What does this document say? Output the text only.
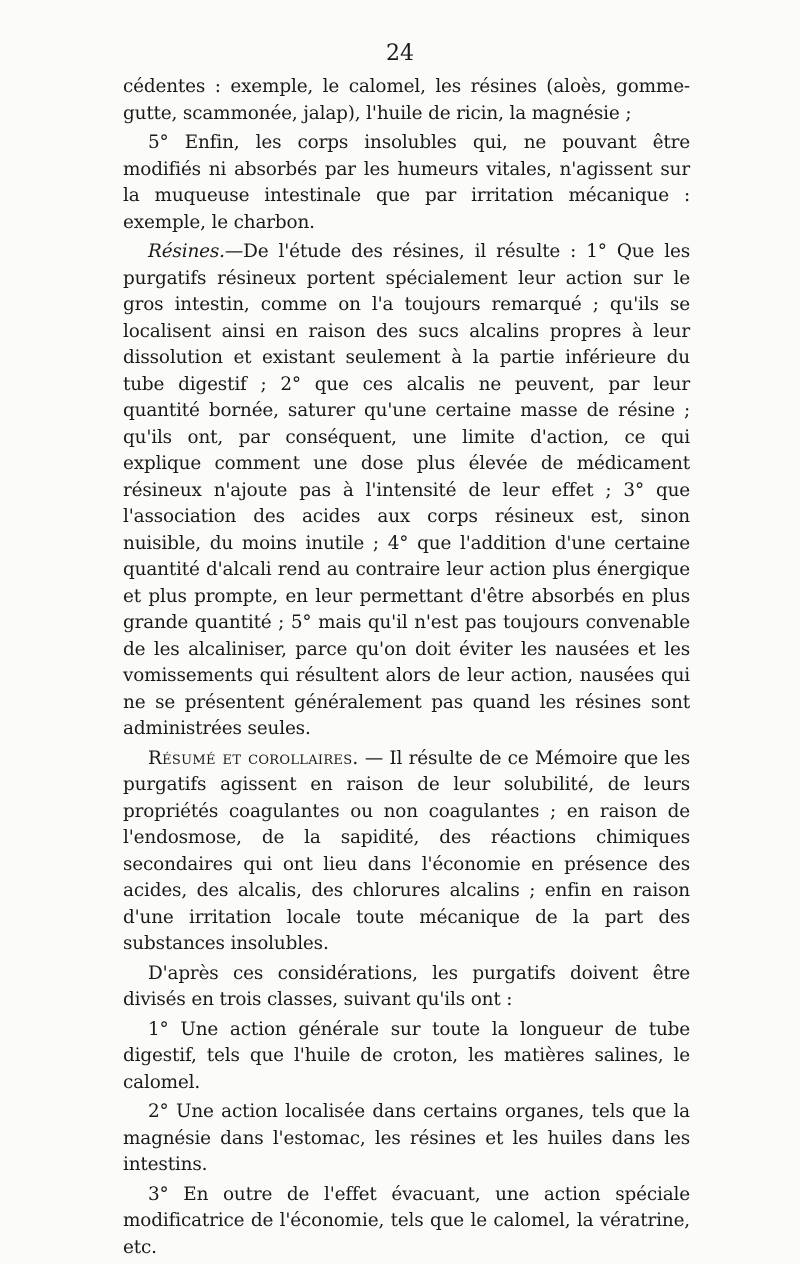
24

cédentes : exemple, le calomel, les résines (aloès, gomme-gutte, scammonée, jalap), l'huile de ricin, la magnésie ;

5° Enfin, les corps insolubles qui, ne pouvant être modifiés ni absorbés par les humeurs vitales, n'agissent sur la muqueuse intestinale que par irritation mécanique : exemple, le charbon.

Résines.—De l'étude des résines, il résulte : 1° Que les purgatifs résineux portent spécialement leur action sur le gros intestin, comme on l'a toujours remarqué ; qu'ils se localisent ainsi en raison des sucs alcalins propres à leur dissolution et existant seulement à la partie inférieure du tube digestif ; 2° que ces alcalis ne peuvent, par leur quantité bornée, saturer qu'une certaine masse de résine ; qu'ils ont, par conséquent, une limite d'action, ce qui explique comment une dose plus élevée de médicament résineux n'ajoute pas à l'intensité de leur effet ; 3° que l'association des acides aux corps résineux est, sinon nuisible, du moins inutile ; 4° que l'addition d'une certaine quantité d'alcali rend au contraire leur action plus énergique et plus prompte, en leur permettant d'être absorbés en plus grande quantité ; 5° mais qu'il n'est pas toujours convenable de les alcaliniser, parce qu'on doit éviter les nausées et les vomissements qui résultent alors de leur action, nausées qui ne se présentent généralement pas quand les résines sont administrées seules.

Résumé et corollaires. — Il résulte de ce Mémoire que les purgatifs agissent en raison de leur solubilité, de leurs propriétés coagulantes ou non coagulantes ; en raison de l'endosmose, de la sapidité, des réactions chimiques secondaires qui ont lieu dans l'économie en présence des acides, des alcalis, des chlorures alcalins ; enfin en raison d'une irritation locale toute mécanique de la part des substances insolubles.

D'après ces considérations, les purgatifs doivent être divisés en trois classes, suivant qu'ils ont :

1° Une action générale sur toute la longueur de tube digestif, tels que l'huile de croton, les matières salines, le calomel.

2° Une action localisée dans certains organes, tels que la magnésie dans l'estomac, les résines et les huiles dans les intestins.

3° En outre de l'effet évacuant, une action spéciale modificatrice de l'économie, tels que le calomel, la vératrine, etc.
